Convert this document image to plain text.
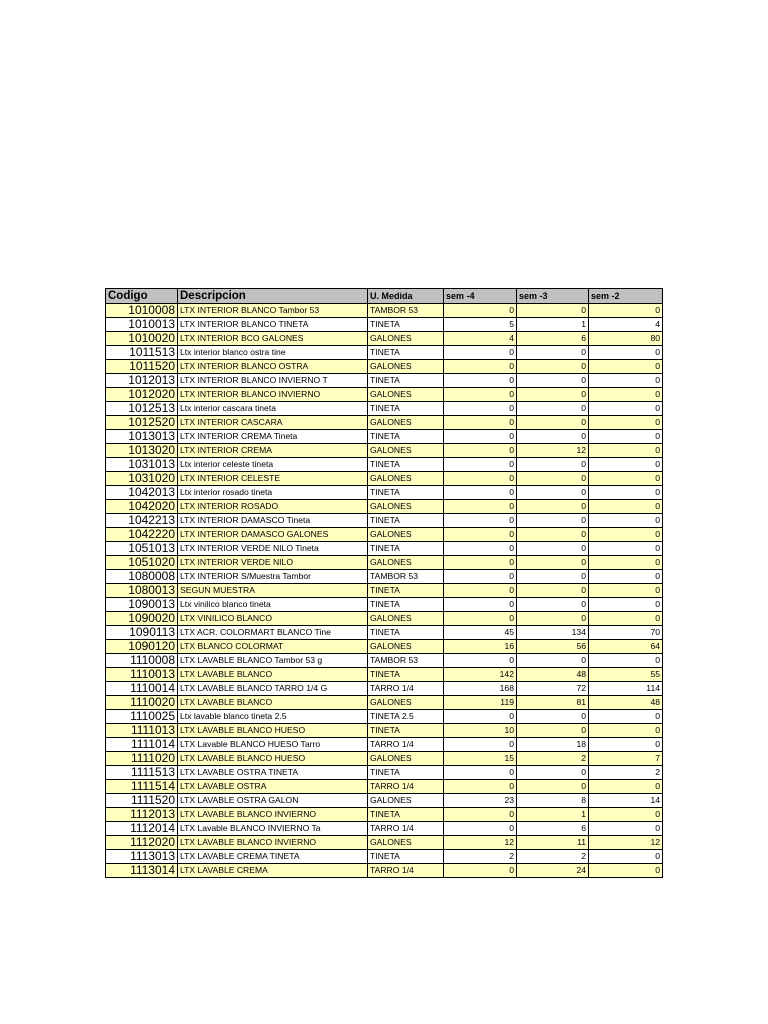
Codigo	Descripcion	U. Medida	sem -4	sem -3	sem -2
1010008	LTX INTERIOR BLANCO Tambor 53	TAMBOR 53	0	0	0
1010013	LTX INTERIOR BLANCO TINETA	TINETA	5	1	4
1010020	LTX INTERIOR BCO GALONES	GALONES	4	6	80
1011513	Ltx interior blanco ostra tine	TINETA	0	0	0
1011520	LTX INTERIOR BLANCO OSTRA	GALONES	0	0	0
1012013	LTX INTERIOR BLANCO INVIERNO T	TINETA	0	0	0
1012020	LTX INTERIOR BLANCO INVIERNO	GALONES	0	0	0
1012513	Ltx interior cascara tineta	TINETA	0	0	0
1012520	LTX INTERIOR CASCARA	GALONES	0	0	0
1013013	LTX INTERIOR CREMA Tineta	TINETA	0	0	0
1013020	LTX INTERIOR CREMA	GALONES	0	12	0
1031013	Ltx interior celeste tineta	TINETA	0	0	0
1031020	LTX INTERIOR CELESTE	GALONES	0	0	0
1042013	Ltx interior rosado tineta	TINETA	0	0	0
1042020	LTX INTERIOR ROSADO	GALONES	0	0	0
1042213	LTX INTERIOR DAMASCO Tineta	TINETA	0	0	0
1042220	LTX INTERIOR DAMASCO GALONES	GALONES	0	0	0
1051013	LTX INTERIOR VERDE NILO Tineta	TINETA	0	0	0
1051020	LTX INTERIOR VERDE NILO	GALONES	0	0	0
1080008	LTX INTERIOR S/Muestra Tambor	TAMBOR 53	0	0	0
1080013	SEGUN MUESTRA	TINETA	0	0	0
1090013	Ltx vinilico blanco tineta	TINETA	0	0	0
1090020	LTX VINILICO BLANCO	GALONES	0	0	0
1090113	LTX ACR. COLORMART BLANCO Tine	TINETA	45	134	70
1090120	LTX BLANCO COLORMAT	GALONES	16	56	64
1110008	LTX LAVABLE BLANCO Tambor 53 g	TAMBOR 53	0	0	0
1110013	LTX LAVABLE BLANCO	TINETA	142	48	55
1110014	LTX LAVABLE BLANCO TARRO 1/4 G	TARRO 1/4	168	72	114
1110020	LTX LAVABLE BLANCO	GALONES	119	81	48
1110025	Ltx lavable blanco tineta 2.5	TINETA 2.5	0	0	0
1111013	LTX LAVABLE BLANCO HUESO	TINETA	10	0	0
1111014	LTX Lavable BLANCO HUESO Tarro	TARRO 1/4	0	18	0
1111020	LTX LAVABLE BLANCO HUESO	GALONES	15	2	7
1111513	LTX LAVABLE OSTRA TINETA	TINETA	0	0	2
1111514	LTX LAVABLE OSTRA	TARRO 1/4	0	0	0
1111520	LTX LAVABLE OSTRA GALON	GALONES	23	8	14
1112013	LTX LAVABLE BLANCO INVIERNO	TINETA	0	1	0
1112014	LTX Lavable BLANCO INVIERNO Ta	TARRO 1/4	0	6	0
1112020	LTX LAVABLE BLANCO INVIERNO	GALONES	12	11	12
1113013	LTX LAVABLE CREMA TINETA	TINETA	2	2	0
1113014	LTX LAVABLE CREMA	TARRO 1/4	0	24	0
